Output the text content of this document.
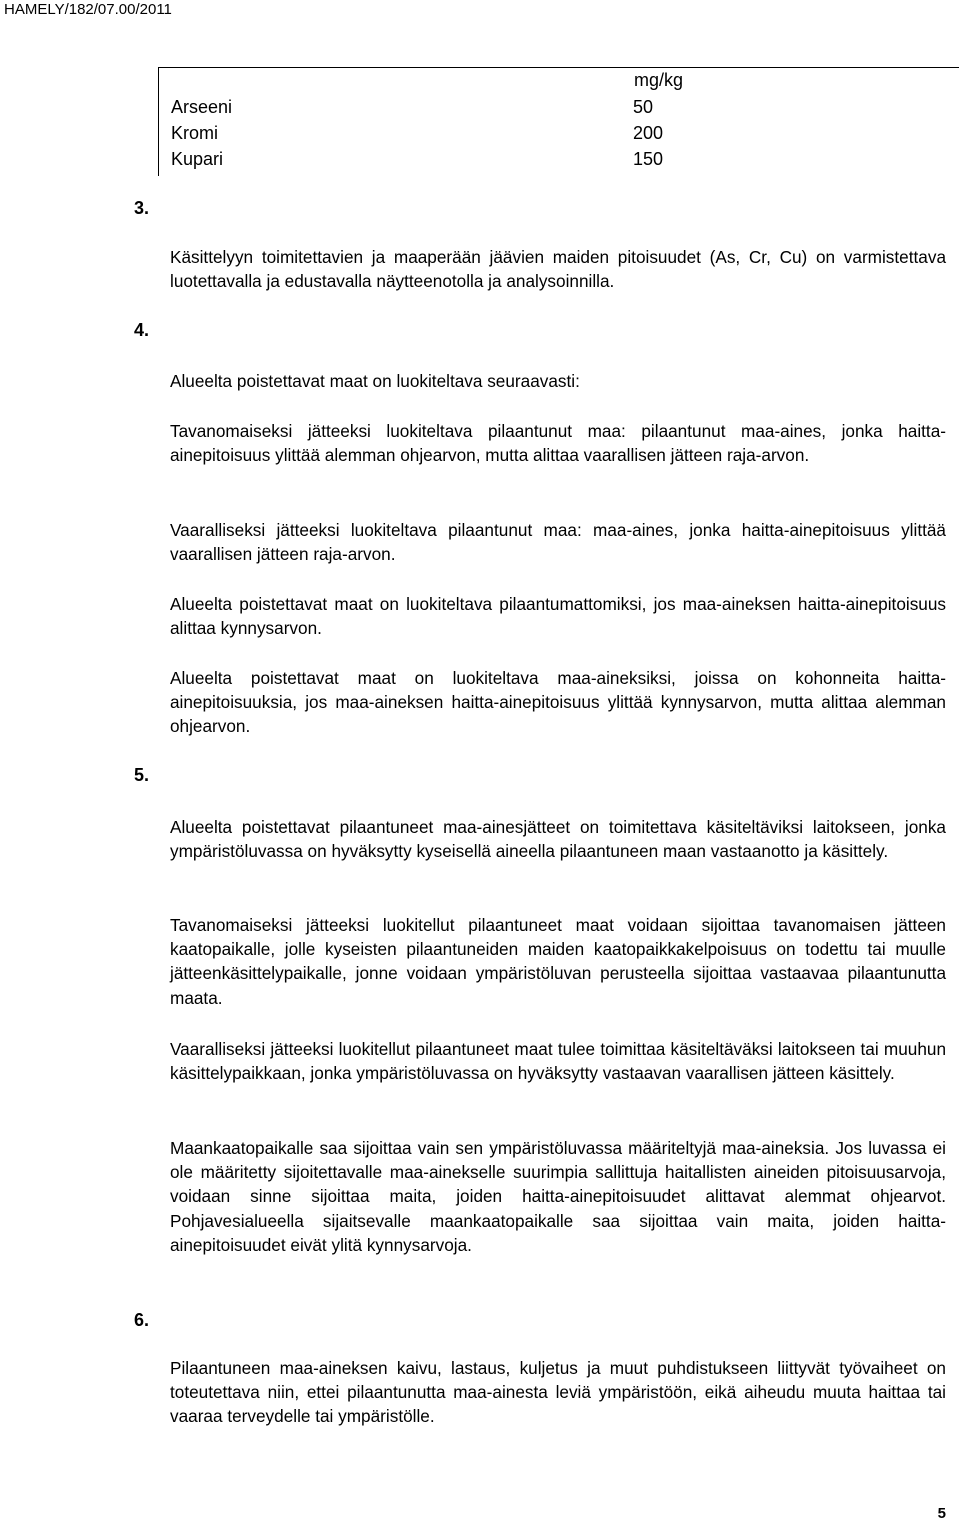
HAMELY/182/07.00/2011
mg/kg
Arseeni	50
Kromi	200
Kupari	150
3.

Käsittelyyn toimitettavien ja maaperään jäävien maiden pitoisuudet (As, Cr, Cu) on varmistettava luotettavalla ja edustavalla näytteenotolla ja analysoinnilla.

4.

Alueelta poistettavat maat on luokiteltava seuraavasti:

Tavanomaiseksi jätteeksi luokiteltava pilaantunut maa: pilaantunut maa-aines, jonka haitta-ainepitoisuus ylittää alemman ohjearvon, mutta alittaa vaarallisen jätteen raja-arvon.

Vaaralliseksi jätteeksi luokiteltava pilaantunut maa: maa-aines, jonka haitta-ainepitoisuus ylittää vaarallisen jätteen raja-arvon.

Alueelta poistettavat maat on luokiteltava pilaantumattomiksi, jos maa-aineksen haitta-ainepitoisuus alittaa kynnysarvon.

Alueelta poistettavat maat on luokiteltava maa-aineksiksi, joissa on kohonneita haitta-ainepitoisuuksia, jos maa-aineksen haitta-ainepitoisuus ylittää kynnysarvon, mutta alittaa alemman ohjearvon.

5.

Alueelta poistettavat pilaantuneet maa-ainesjätteet on toimitettava käsiteltäviksi laitokseen, jonka ympäristöluvassa on hyväksytty kyseisellä aineella pilaantuneen maan vastaanotto ja käsittely.

Tavanomaiseksi jätteeksi luokitellut pilaantuneet maat voidaan sijoittaa tavanomaisen jätteen kaatopaikalle, jolle kyseisten pilaantuneiden maiden kaatopaikkakelpoisuus on todettu tai muulle jätteenkäsittelypaikalle, jonne voidaan ympäristöluvan perusteella sijoittaa vastaavaa pilaantunutta maata.

Vaaralliseksi jätteeksi luokitellut pilaantuneet maat tulee toimittaa käsiteltäväksi laitokseen tai muuhun käsittelypaikkaan, jonka ympäristöluvassa on hyväksytty vastaavan vaarallisen jätteen käsittely.

Maankaatopaikalle saa sijoittaa vain sen ympäristöluvassa määriteltyjä maa-aineksia. Jos luvassa ei ole määritetty sijoitettavalle maa-ainekselle suurimpia sallittuja haitallisten aineiden pitoisuusarvoja, voidaan sinne sijoittaa maita, joiden haitta-ainepitoisuudet alittavat alemmat ohjearvot. Pohjavesialueella sijaitsevalle maankaatopaikalle saa sijoittaa vain maita, joiden haitta-ainepitoisuudet eivät ylitä kynnysarvoja.

6.

Pilaantuneen maa-aineksen kaivu, lastaus, kuljetus ja muut puhdistukseen liittyvät työvaiheet on toteutettava niin, ettei pilaantunutta maa-ainesta leviä ympäristöön, eikä aiheudu muuta haittaa tai vaaraa terveydelle tai ympäristölle.

5
